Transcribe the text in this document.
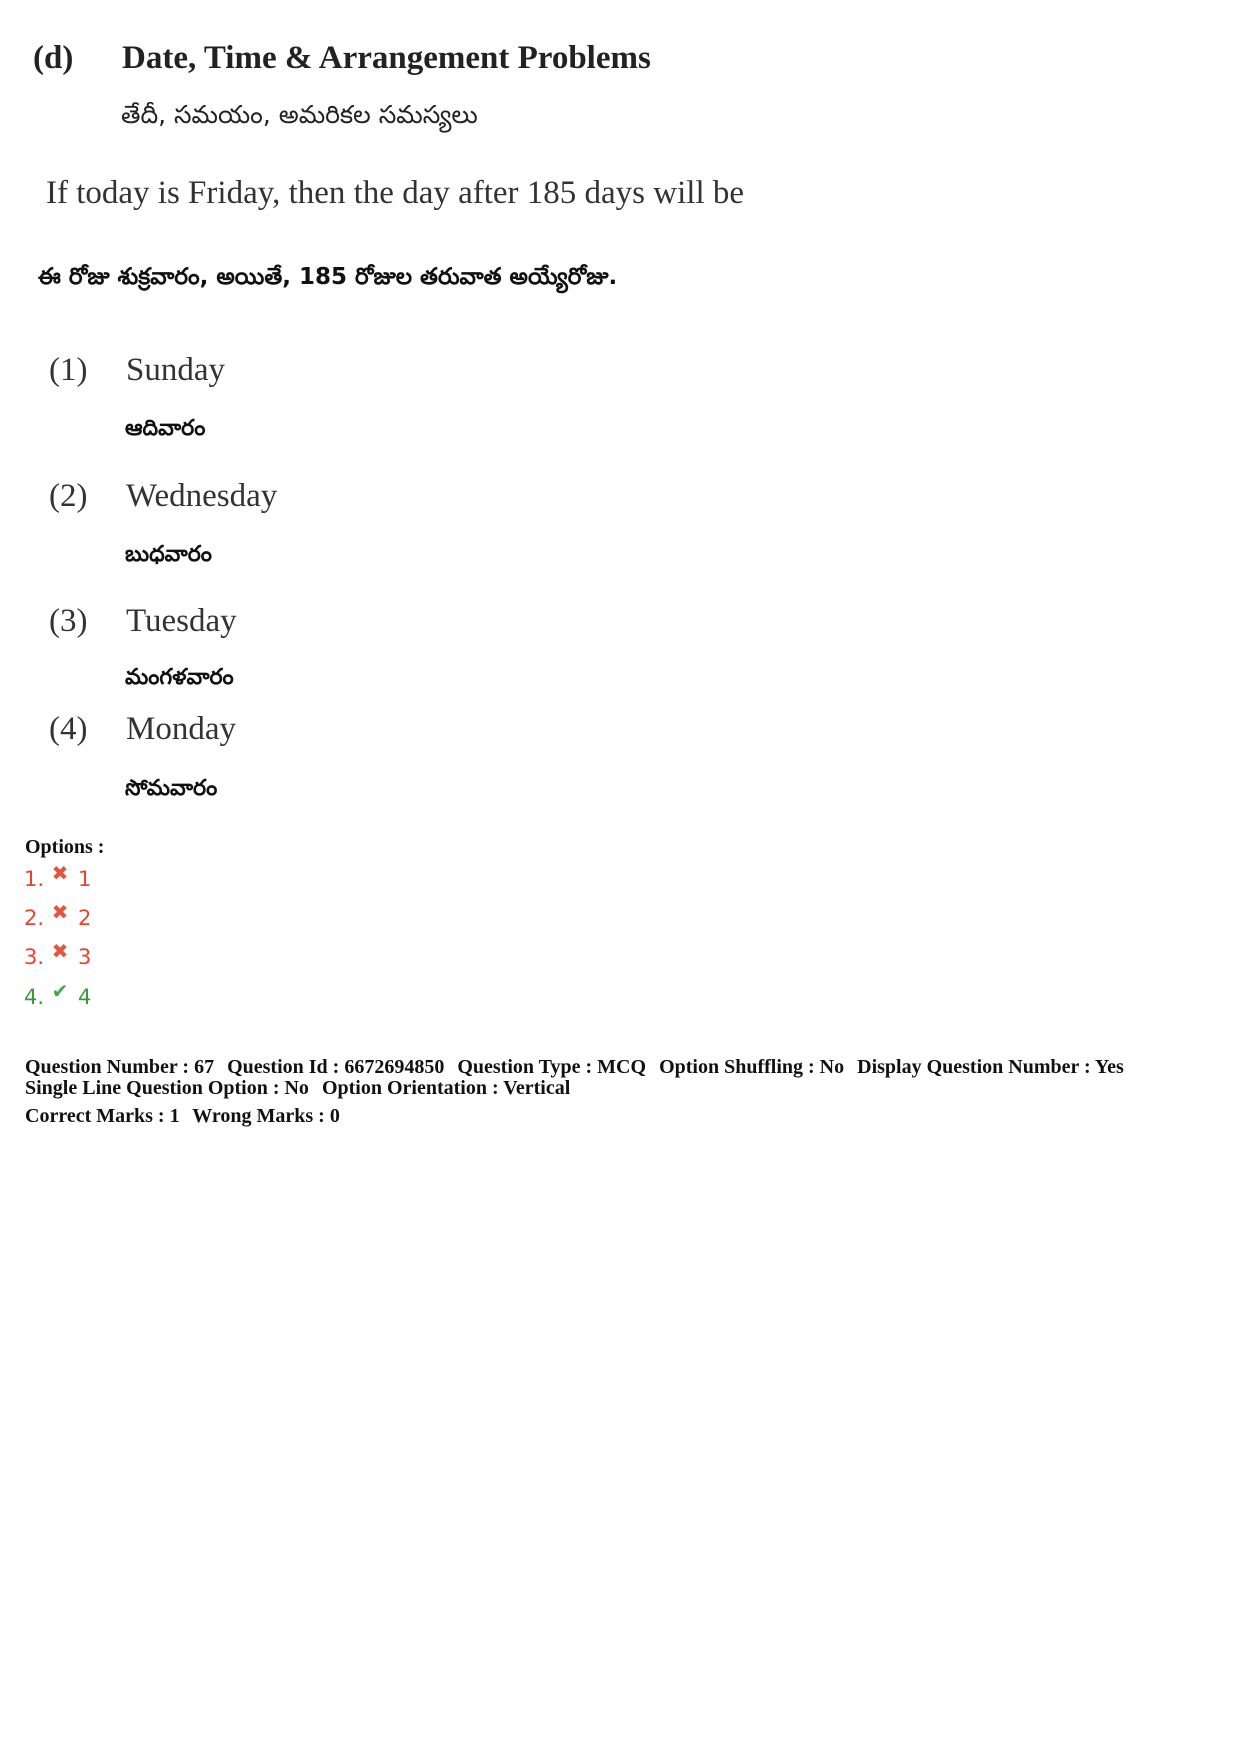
(d) Date, Time & Arrangement Problems
తేదీ, సమయం, అమరికల సమస్యలు
If today is Friday, then the day after 185 days will be
ఈ రోజు శుక్రవారం, అయితే, 185 రోజుల తరువాత అయ్యేరోజు.
(1) Sunday
ఆదివారం
(2) Wednesday
బుధవారం
(3) Tuesday
మంగళవారం
(4) Monday
సోమవారం
Options :
1. ✖ 1
2. ✖ 2
3. ✖ 3
4. ✔ 4
Question Number : 67 Question Id : 6672694850 Question Type : MCQ Option Shuffling : No Display Question Number : Yes
Single Line Question Option : No Option Orientation : Vertical
Correct Marks : 1 Wrong Marks : 0
